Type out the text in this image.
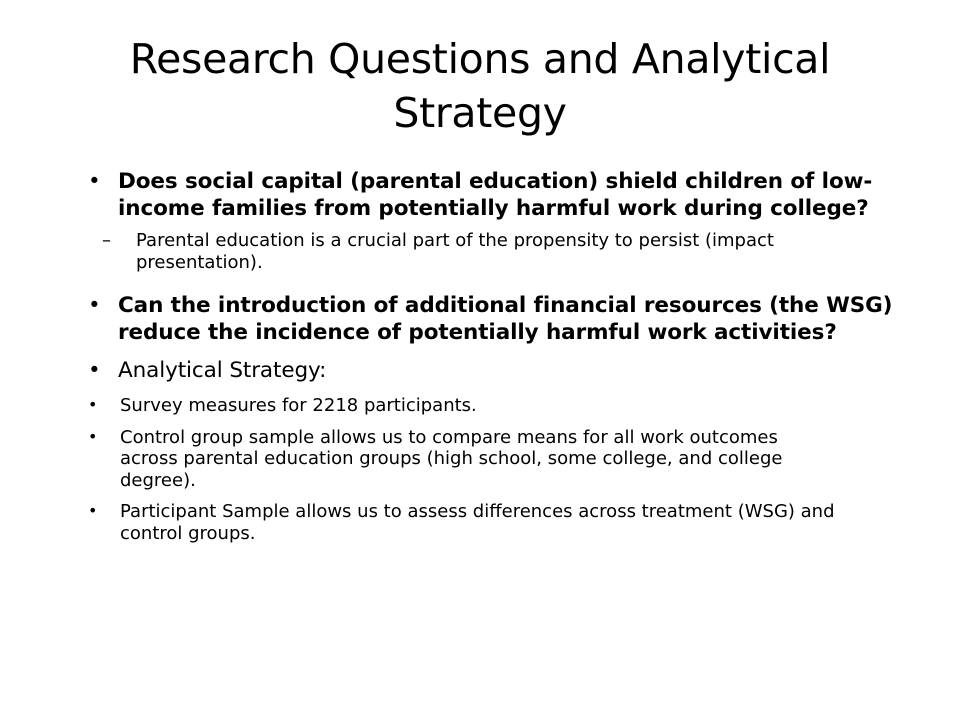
Research Questions and Analytical Strategy
• Does social capital (parental education) shield children of low-income families from potentially harmful work during college?
– Parental education is a crucial part of the propensity to persist (impact presentation).
• Can the introduction of additional financial resources (the WSG) reduce the incidence of potentially harmful work activities?
• Analytical Strategy:
• Survey measures for 2218 participants.
• Control group sample allows us to compare means for all work outcomes across parental education groups (high school, some college, and college degree).
• Participant Sample allows us to assess differences across treatment (WSG) and control groups.
